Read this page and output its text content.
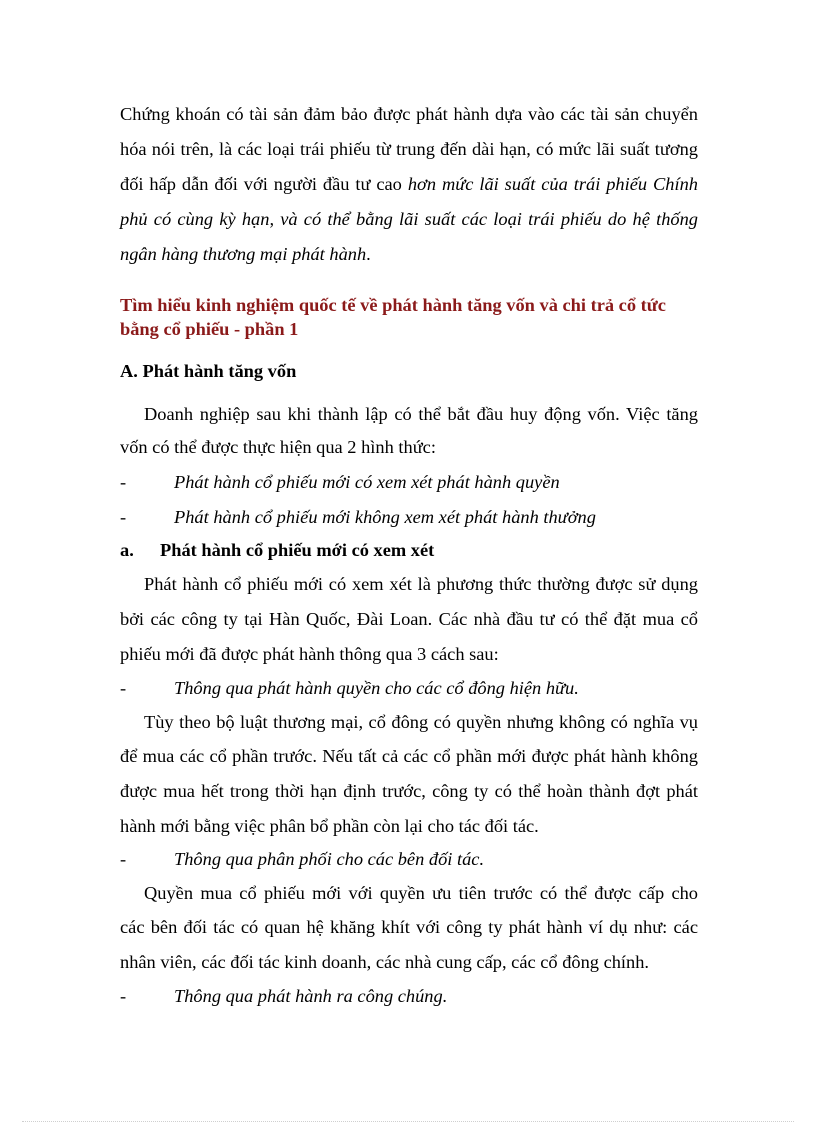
Chứng khoán có tài sản đảm bảo được phát hành dựa vào các tài sản chuyển
hóa nói trên, là các loại trái phiếu từ trung đến dài hạn, có mức lãi suất tương
đối hấp dẫn đối với người đầu tư cao hơn mức lãi suất của trái phiếu Chính
phủ có cùng kỳ hạn, và có thể bằng lãi suất các loại trái phiếu do hệ thống
ngân hàng thương mại phát hành.
Tìm hiểu kinh nghiệm quốc tế về phát hành tăng vốn và chi trả cổ tức
bằng cổ phiếu - phần 1
A. Phát hành tăng vốn
Doanh nghiệp sau khi thành lập có thể bắt đầu huy động vốn. Việc tăng
vốn có thể được thực hiện qua 2 hình thức:
-	Phát hành cổ phiếu mới có xem xét phát hành quyền
-	Phát hành cổ phiếu mới không xem xét phát hành thưởng
a. Phát hành cổ phiếu mới có xem xét
Phát hành cổ phiếu mới có xem xét là phương thức thường được sử dụng
bởi các công ty tại Hàn Quốc, Đài Loan. Các nhà đầu tư có thể đặt mua cổ
phiếu mới đã được phát hành thông qua 3 cách sau:
-	Thông qua phát hành quyền cho các cổ đông hiện hữu.
Tùy theo bộ luật thương mại, cổ đông có quyền nhưng không có nghĩa vụ
để mua các cổ phần trước. Nếu tất cả các cổ phần mới được phát hành không
được mua hết trong thời hạn định trước, công ty có thể hoàn thành đợt phát
hành mới bằng việc phân bổ phần còn lại cho tác đối tác.
-	Thông qua phân phối cho các bên đối tác.
Quyền mua cổ phiếu mới với quyền ưu tiên trước có thể được cấp cho
các bên đối tác có quan hệ khăng khít với công ty phát hành ví dụ như: các
nhân viên, các đối tác kinh doanh, các nhà cung cấp, các cổ đông chính.
-	Thông qua phát hành ra công chúng.
